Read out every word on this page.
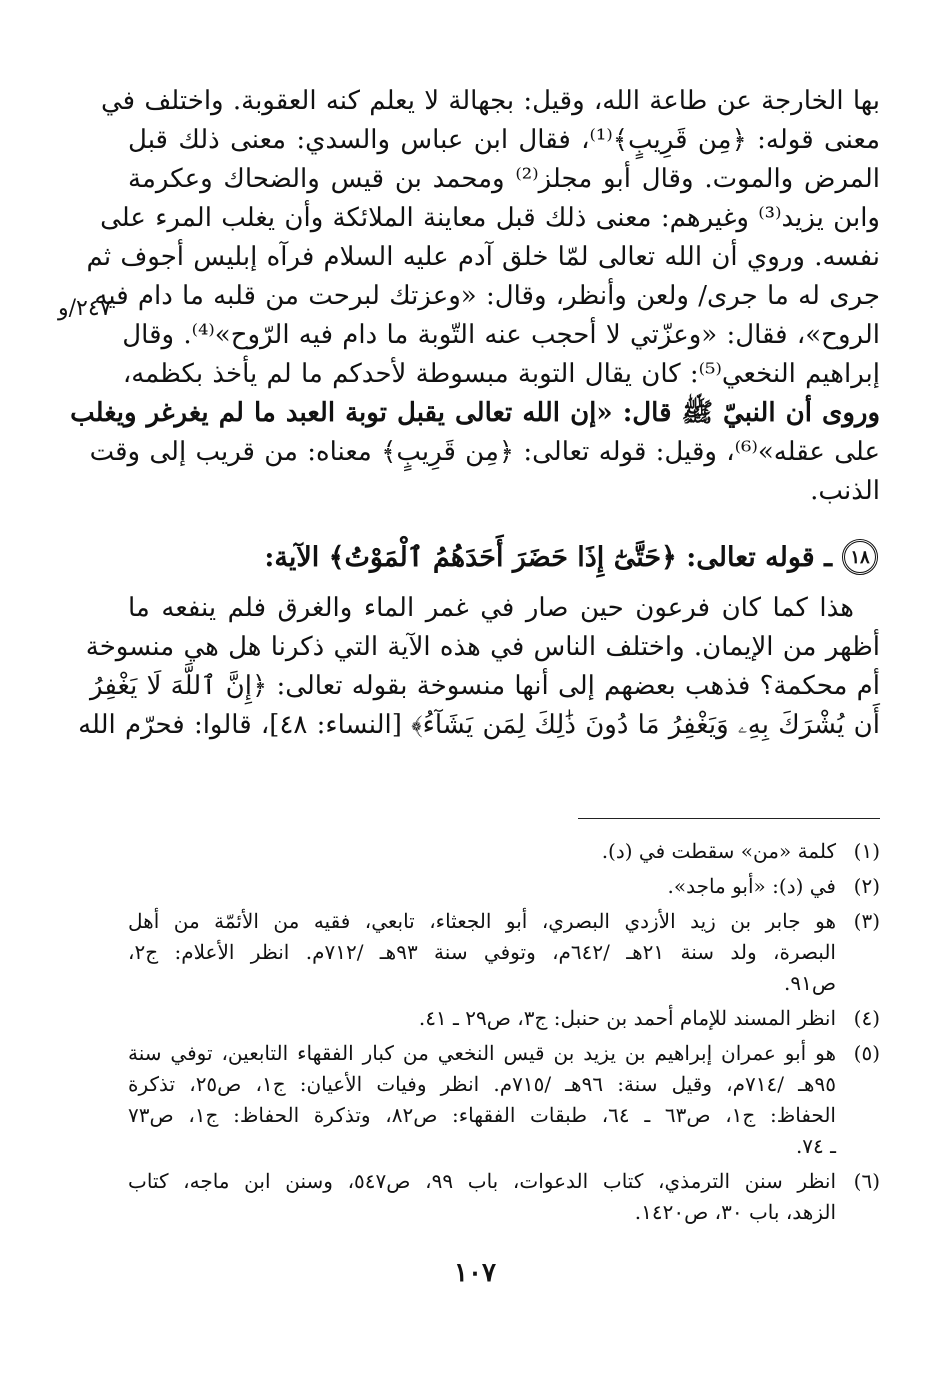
بها الخارجة عن طاعة الله، وقيل: بجهالة لا يعلم كنه العقوبة. واختلف في
معنى قوله: ﴿مِن قَرِيبٍ﴾⁽¹⁾، فقال ابن عباس والسدي: معنى ذلك قبل
المرض والموت. وقال أبو مجلز⁽²⁾ ومحمد بن قيس والضحاك وعكرمة
وابن يزيد⁽³⁾ وغيرهم: معنى ذلك قبل معاينة الملائكة وأن يغلب المرء على
نفسه. وروي أن الله تعالى لمّا خلق آدم عليه السلام فرآه إبليس أجوف ثم
جرى له ما جرى/ ولعن وأنظر، وقال: «وعزتك لبرحت من قلبه ما دام فيه
الروح»، فقال: «وعزّتي لا أحجب عنه التّوبة ما دام فيه الرّوح»⁽⁴⁾. وقال
إبراهيم النخعي⁽⁵⁾: كان يقال التوبة مبسوطة لأحدكم ما لم يأخذ بكظمه،
وروى أن النبيّ ﷺ قال: «إن الله تعالى يقبل توبة العبد ما لم يغرغر ويغلب
على عقله»⁽⁶⁾، وقيل: قوله تعالى: ﴿مِن قَرِيبٍ﴾ معناه: من قريب إلى وقت
الذنب.
١٨
ـ قوله تعالى: ﴿حَتَّىٰٓ إِذَا حَضَرَ أَحَدَهُمُ ٱلْمَوْتُ﴾ الآية:
هذا كما كان فرعون حين صار في غمر الماء والغرق فلم ينفعه ما
أظهر من الإيمان. واختلف الناس في هذه الآية التي ذكرنا هل هي منسوخة
أم محكمة؟ فذهب بعضهم إلى أنها منسوخة بقوله تعالى: ﴿إِنَّ ٱللَّهَ لَا يَغْفِرُ
أَن يُشْرَكَ بِهِۦ وَيَغْفِرُ مَا دُونَ ذَٰلِكَ لِمَن يَشَآءُ﴾ [النساء: ٤٨]، قالوا: فحرّم الله
٢٤٧/و
(١)
كلمة «من» سقطت في (د).
(٢)
في (د): «أبو ماجد».
(٣)
هو جابر بن زيد الأزدي البصري، أبو الجعثاء، تابعي، فقيه من الأئمّة من أهل
البصرة، ولد سنة ٢١هـ /٦٤٢م، وتوفي سنة ٩٣هـ /٧١٢م. انظر الأعلام: ج٢،
ص٩١.
(٤)
انظر المسند للإمام أحمد بن حنبل: ج٣، ص٢٩ ـ ٤١.
(٥)
هو أبو عمران إبراهيم بن يزيد بن قيس النخعي من كبار الفقهاء التابعين، توفي سنة
٩٥هـ /٧١٤م، وقيل سنة: ٩٦هـ /٧١٥م. انظر وفيات الأعيان: ج١، ص٢٥، تذكرة
الحفاظ: ج١، ص٦٣ ـ ٦٤، طبقات الفقهاء: ص٨٢، وتذكرة الحفاظ: ج١، ص٧٣
ـ ٧٤.
(٦)
انظر سنن الترمذي، كتاب الدعوات، باب ٩٩، ص٥٤٧، وسنن ابن ماجه، كتاب
الزهد، باب ٣٠، ص١٤٢٠.
١٠٧
